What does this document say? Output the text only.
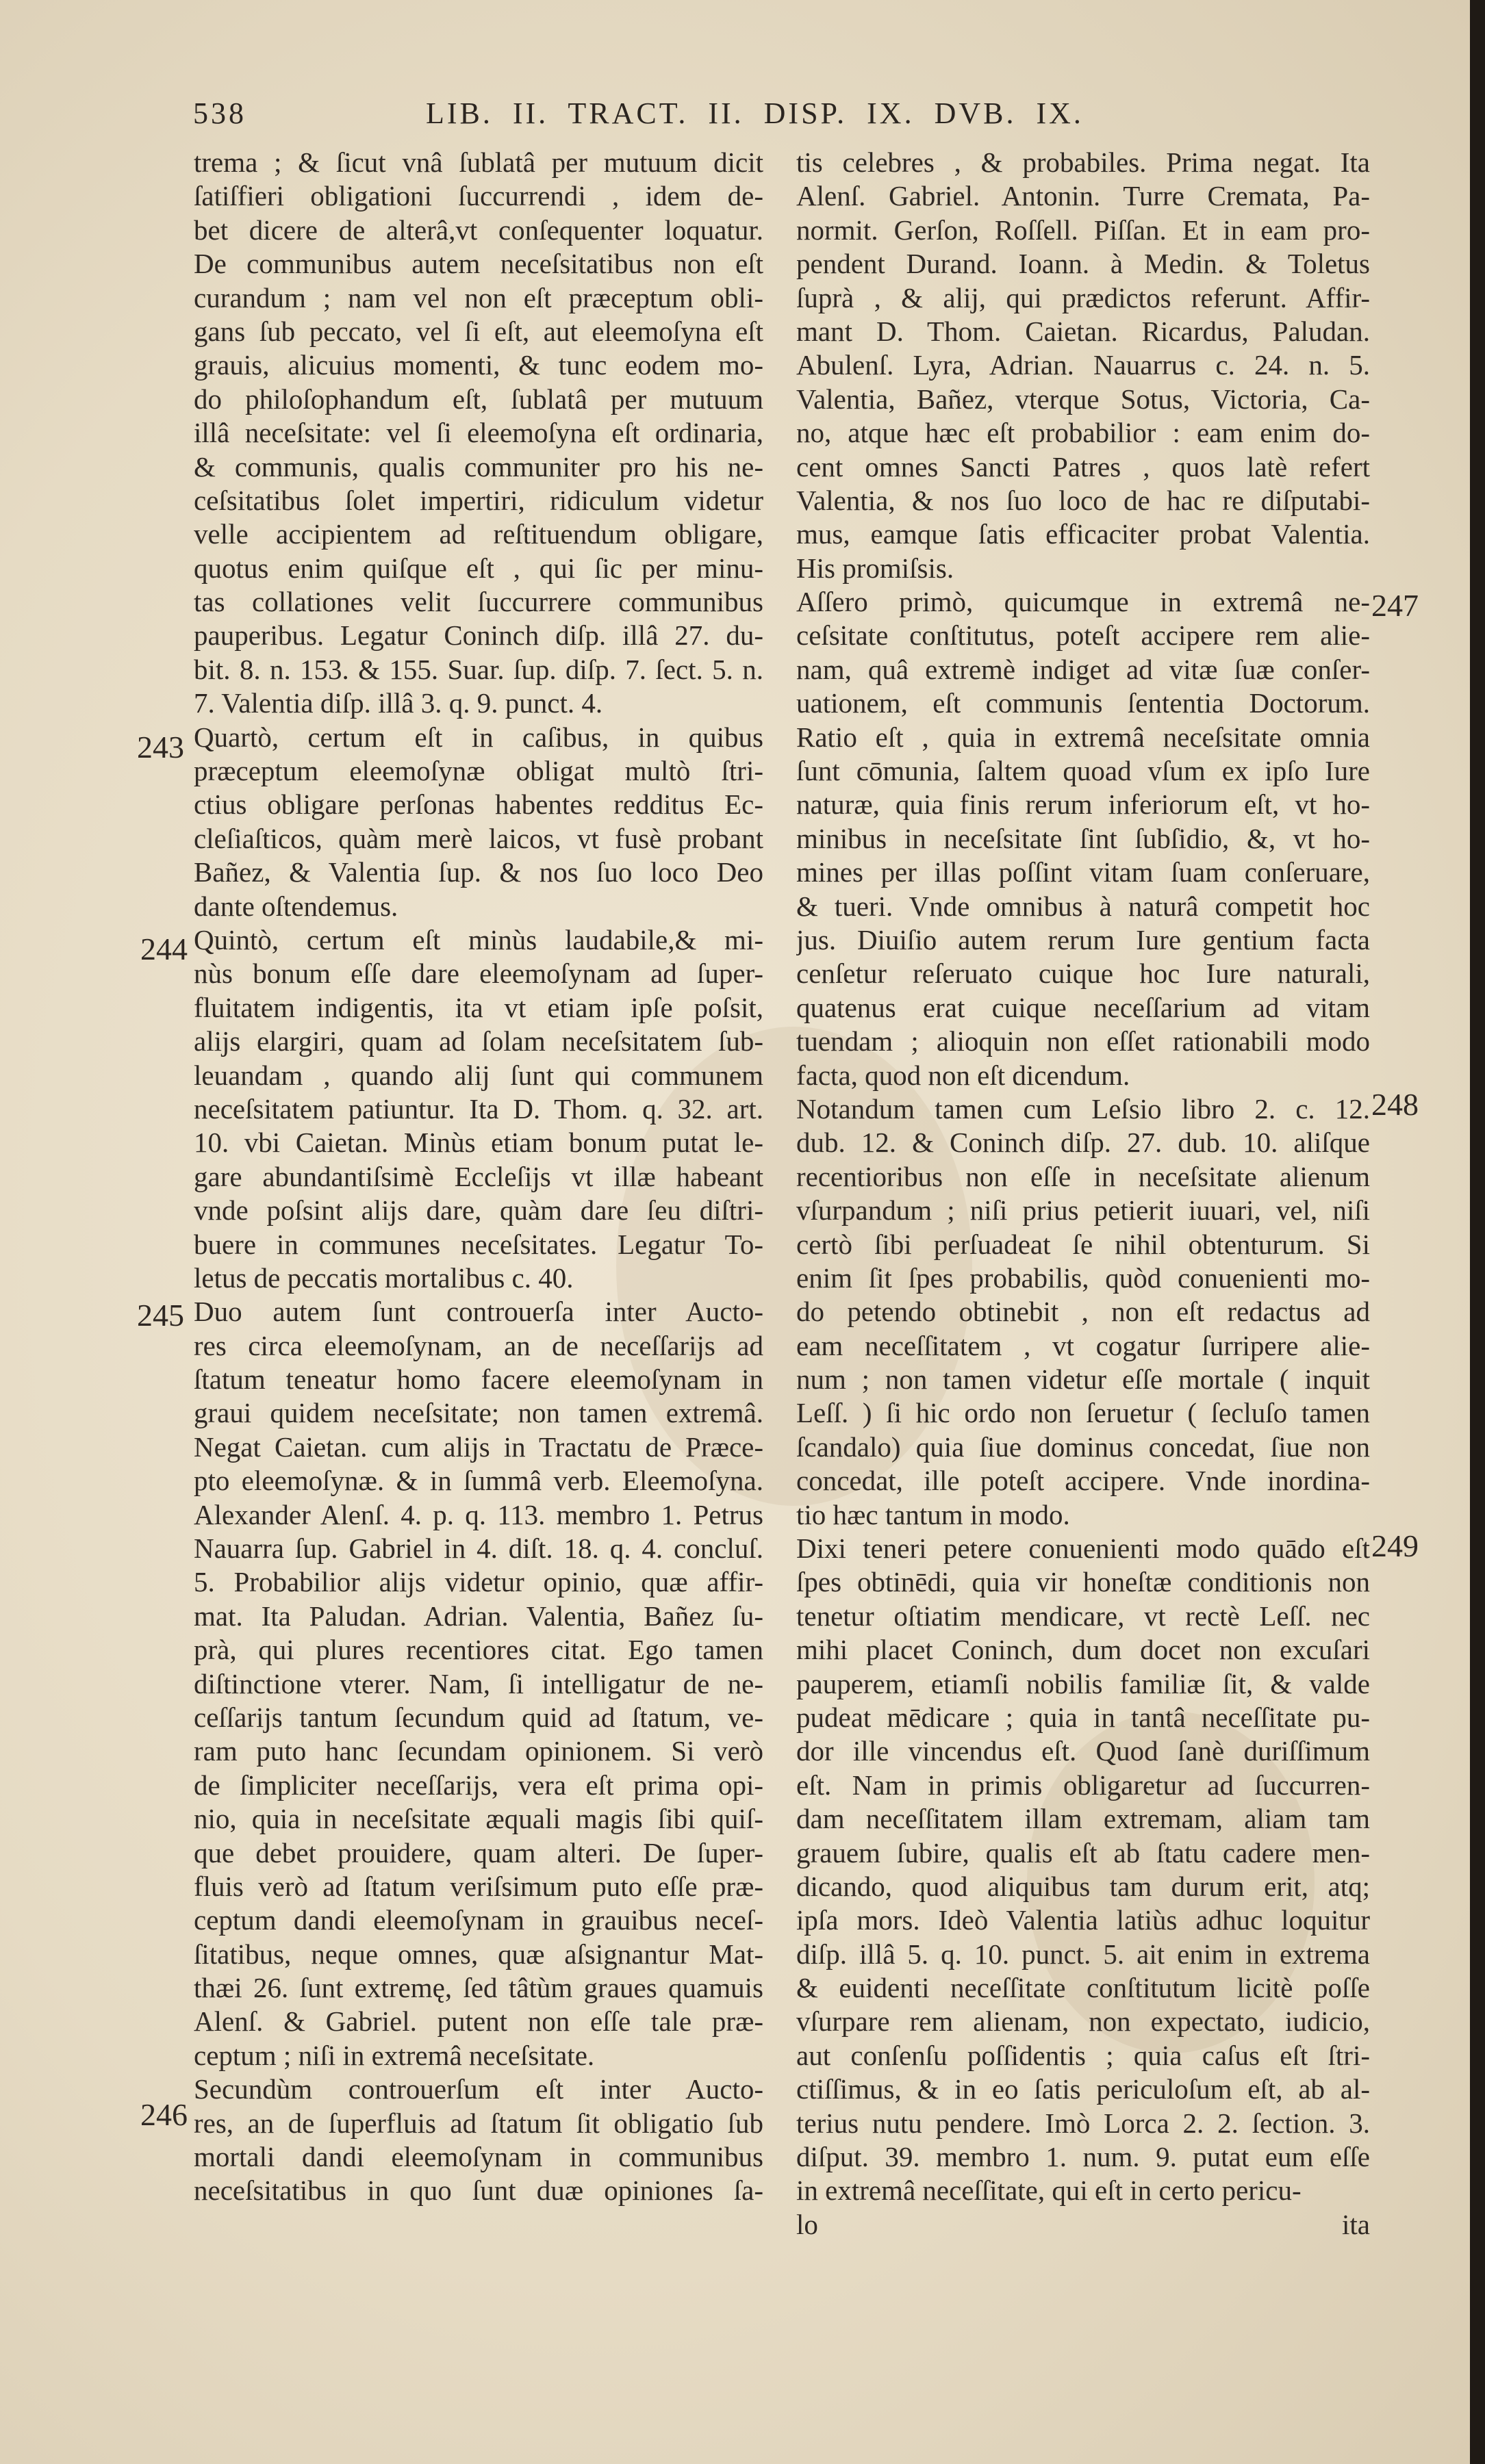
538	LIB. II. TRACT. II. DISP. IX. DVB. IX.
trema ; & ſicut vnâ ſublatâ per mutuum dicit
ſatiſfieri obligationi ſuccurrendi , idem de-
bet dicere de alterâ,vt conſequenter loquatur.
De communibus autem neceſsitatibus non eſt
curandum ; nam vel non eſt præceptum obli-
gans ſub peccato, vel ſi eſt, aut eleemoſyna eſt
grauis, alicuius momenti, & tunc eodem mo-
do philoſophandum eſt, ſublatâ per mutuum
illâ neceſsitate: vel ſi eleemoſyna eſt ordinaria,
& communis, qualis communiter pro his ne-
ceſsitatibus ſolet impertiri, ridiculum videtur
velle accipientem ad reſtituendum obligare,
quotus enim quiſque eſt , qui ſic per minu-
tas collationes velit ſuccurrere communibus
pauperibus. Legatur Coninch diſp. illâ 27. du-
bit. 8. n. 153. & 155. Suar. ſup. diſp. 7. ſect. 5. n.
7. Valentia diſp. illâ 3. q. 9. punct. 4.
Quartò, certum eſt in caſibus, in quibus
præceptum eleemoſynæ obligat multò ſtri-
ctius obligare perſonas habentes redditus Ec-
cleſiaſticos, quàm merè laicos, vt fusè probant
Bañez, & Valentia ſup. & nos ſuo loco Deo
dante oſtendemus.
Quintò, certum eſt minùs laudabile,& mi-
nùs bonum eſſe dare eleemoſynam ad ſuper-
fluitatem indigentis, ita vt etiam ipſe poſsit,
alijs elargiri, quam ad ſolam neceſsitatem ſub-
leuandam , quando alij ſunt qui communem
neceſsitatem patiuntur. Ita D. Thom. q. 32. art.
10. vbi Caietan. Minùs etiam bonum putat le-
gare abundantiſsimè Eccleſijs vt illæ habeant
vnde poſsint alijs dare, quàm dare ſeu diſtri-
buere in communes neceſsitates. Legatur To-
letus de peccatis mortalibus c. 40.
Duo autem ſunt controuerſa inter Aucto-
res circa eleemoſynam, an de neceſſarijs ad
ſtatum teneatur homo facere eleemoſynam in
graui quidem neceſsitate; non tamen extremâ.
Negat Caietan. cum alijs in Tractatu de Præce-
pto eleemoſynæ. & in ſummâ verb. Eleemoſyna.
Alexander Alenſ. 4. p. q. 113. membro 1. Petrus
Nauarra ſup. Gabriel in 4. diſt. 18. q. 4. concluſ.
5. Probabilior alijs videtur opinio, quæ affir-
mat. Ita Paludan. Adrian. Valentia, Bañez ſu-
prà, qui plures recentiores citat. Ego tamen
diſtinctione vterer. Nam, ſi intelligatur de ne-
ceſſarijs tantum ſecundum quid ad ſtatum, ve-
ram puto hanc ſecundam opinionem. Si verò
de ſimpliciter neceſſarijs, vera eſt prima opi-
nio, quia in neceſsitate æquali magis ſibi quiſ-
que debet prouidere, quam alteri. De ſuper-
fluis verò ad ſtatum veriſsimum puto eſſe præ-
ceptum dandi eleemoſynam in grauibus neceſ-
ſitatibus, neque omnes, quæ aſsignantur Mat-
thæi 26. ſunt extremę, ſed tâtùm graues quamuis
Alenſ. & Gabriel. putent non eſſe tale præ-
ceptum ; niſi in extremâ neceſsitate.
Secundùm controuerſum eſt inter Aucto-
res, an de ſuperfluis ad ſtatum ſit obligatio ſub
mortali dandi eleemoſynam in communibus
neceſsitatibus in quo ſunt duæ opiniones ſa-
tis celebres , & probabiles. Prima negat. Ita
Alenſ. Gabriel. Antonin. Turre Cremata, Pa-
normit. Gerſon, Roſſell. Piſſan. Et in eam pro-
pendent Durand. Ioann. à Medin. & Toletus
ſuprà , & alij, qui prædictos referunt. Affir-
mant D. Thom. Caietan. Ricardus, Paludan.
Abulenſ. Lyra, Adrian. Nauarrus c. 24. n. 5.
Valentia, Bañez, vterque Sotus, Victoria, Ca-
no, atque hæc eſt probabilior : eam enim do-
cent omnes Sancti Patres , quos latè refert
Valentia, & nos ſuo loco de hac re diſputabi-
mus, eamque ſatis efficaciter probat Valentia.
His promiſsis.
Aſſero primò, quicumque in extremâ ne-
ceſsitate conſtitutus, poteſt accipere rem alie-
nam, quâ extremè indiget ad vitæ ſuæ conſer-
uationem, eſt communis ſententia Doctorum.
Ratio eſt , quia in extremâ neceſsitate omnia
ſunt cōmunia, ſaltem quoad vſum ex ipſo Iure
naturæ, quia finis rerum inferiorum eſt, vt ho-
minibus in neceſsitate ſint ſubſidio, &, vt ho-
mines per illas poſſint vitam ſuam conſeruare,
& tueri. Vnde omnibus à naturâ competit hoc
jus. Diuiſio autem rerum Iure gentium facta
cenſetur reſeruato cuique hoc Iure naturali,
quatenus erat cuique neceſſarium ad vitam
tuendam ; alioquin non eſſet rationabili modo
facta, quod non eſt dicendum.
Notandum tamen cum Leſsio libro 2. c. 12.
dub. 12. & Coninch diſp. 27. dub. 10. aliſque
recentioribus non eſſe in neceſsitate alienum
vſurpandum ; niſi prius petierit iuuari, vel, niſi
certò ſibi perſuadeat ſe nihil obtenturum. Si
enim ſit ſpes probabilis, quòd conuenienti mo-
do petendo obtinebit , non eſt redactus ad
eam neceſſitatem , vt cogatur ſurripere alie-
num ; non tamen videtur eſſe mortale ( inquit
Leſſ. ) ſi hic ordo non ſeruetur ( ſecluſo tamen
ſcandalo) quia ſiue dominus concedat, ſiue non
concedat, ille poteſt accipere. Vnde inordina-
tio hæc tantum in modo.
Dixi teneri petere conuenienti modo quādo eſt
ſpes obtinēdi, quia vir honeſtæ conditionis non
tenetur oſtiatim mendicare, vt rectè Leſſ. nec
mihi placet Coninch, dum docet non excuſari
pauperem, etiamſi nobilis familiæ ſit, & valde
pudeat mēdicare ; quia in tantâ neceſſitate pu-
dor ille vincendus eſt. Quod ſanè duriſſimum
eſt. Nam in primis obligaretur ad ſuccurren-
dam neceſſitatem illam extremam, aliam tam
grauem ſubire, qualis eſt ab ſtatu cadere men-
dicando, quod aliquibus tam durum erit, atq;
ipſa mors. Ideò Valentia latiùs adhuc loquitur
diſp. illâ 5. q. 10. punct. 5. ait enim in extrema
& euidenti neceſſitate conſtitutum licitè poſſe
vſurpare rem alienam, non expectato, iudicio,
aut conſenſu poſſidentis ; quia caſus eſt ſtri-
ctiſſimus, & in eo ſatis periculoſum eſt, ab al-
terius nutu pendere. Imò Lorca 2. 2. ſection. 3.
diſput. 39. membro 1. num. 9. putat eum eſſe
in extremâ neceſſitate, qui eſt in certo pericu-
lo ita
243
244
245
246
247
248
249
